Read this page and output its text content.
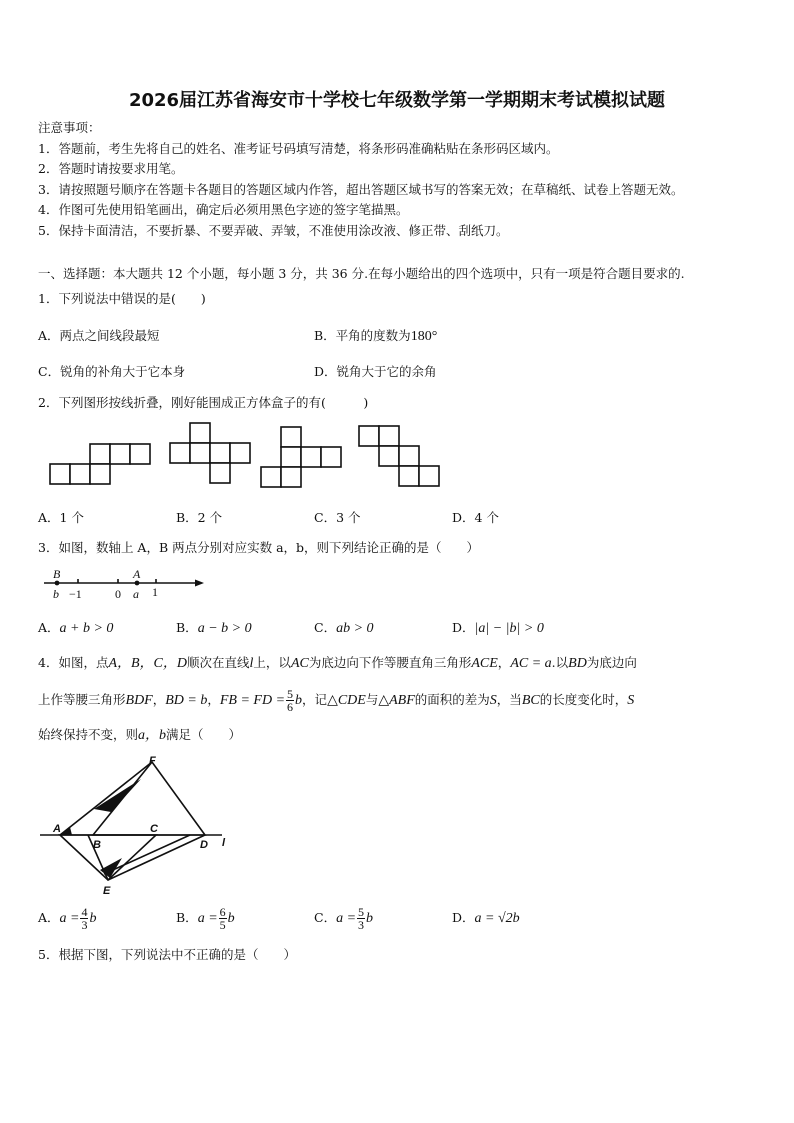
2026届江苏省海安市十学校七年级数学第一学期期末考试模拟试题
注意事项：
1．答题前，考生先将自己的姓名、准考证号码填写清楚，将条形码准确粘贴在条形码区域内。
2．答题时请按要求用笔。
3．请按照题号顺序在答题卡各题目的答题区域内作答，超出答题区域书写的答案无效；在草稿纸、试卷上答题无效。
4．作图可先使用铅笔画出，确定后必须用黑色字迹的签字笔描黑。
5．保持卡面清洁，不要折暴、不要弄破、弄皱，不准使用涂改液、修正带、刮纸刀。
一、选择题：本大题共 12 个小题，每小题 3 分，共 36 分.在每小题给出的四个选项中，只有一项是符合题目要求的.
1．下列说法中错误的是(　　)
A．两点之间线段最短	B．平角的度数为180°
C．锐角的补角大于它本身	D．锐角大于它的余角
2．下列图形按线折叠，刚好能围成正方体盒子的有(　　　)
A．1 个	B．2 个	C．3 个	D．4 个
3．如图，数轴上 A，B 两点分别对应实数 a，b，则下列结论正确的是（　　）
B	A
b −1	0 a 1
A．a + b > 0	B．a − b > 0	C．ab > 0	D．|a| − |b| > 0
4．如图，点A，B，C，D顺次在直线l上，以AC为底边向下作等腰直角三角形ACE，AC = a.以BD为底边向
上作等腰三角形BDF，BD = b，FB = FD = $\frac{5}{6}$ b，记△CDE与△ABF的面积的差为S，当BC的长度变化时，S
始终保持不变，则a，b满足（　　）
F
A
B
C
D l
E
A．$a = \frac{4}{3}$ b	B．$a = \frac{6}{5}$ b	C．$a = \frac{5}{3}$ b	D．a = √2b
5．根据下图，下列说法中不正确的是（　　）
